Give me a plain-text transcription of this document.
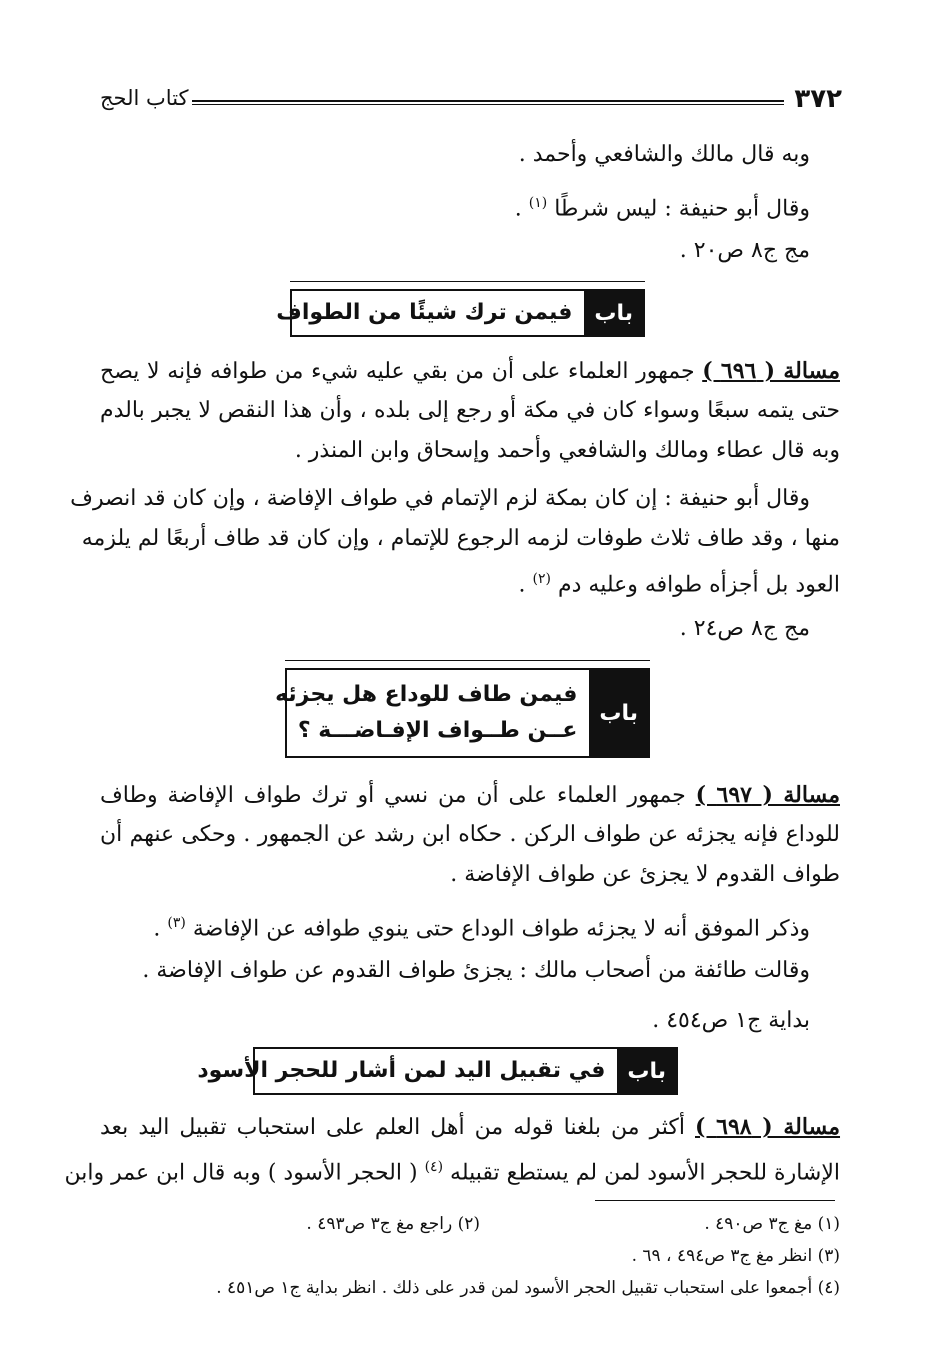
٣٧٢
كتاب الحج
وبه قال مالك والشافعي وأحمد .
وقال أبو حنيفة : ليس شرطًا $^{(١)}$ .
مج ج٨ ص٢٠ .
باب
فيمن ترك شيئًا من الطواف
مسالة ( ٦٩٦ ) جمهور العلماء على أن من بقي عليه شيء من طوافه فإنه لا يصح
حتى يتمه سبعًا وسواء كان في مكة أو رجع إلى بلده ، وأن هذا النقص لا يجبر بالدم
وبه قال عطاء ومالك والشافعي وأحمد وإسحاق وابن المنذر .
وقال أبو حنيفة : إن كان بمكة لزم الإتمام في طواف الإفاضة ، وإن كان قد انصرف
منها ، وقد طاف ثلاث طوفات لزمه الرجوع للإتمام ، وإن كان قد طاف أربعًا لم يلزمه
العود بل أجزأه طوافه وعليه دم $^{(٢)}$ .
مج ج٨ ص٢٤ .
باب
فيمن طاف للوداع هل يجزئه
عــن طــواف الإفـاضـــة ؟
مسالة ( ٦٩٧ ) جمهور العلماء على أن من نسي أو ترك طواف الإفاضة وطاف
للوداع فإنه يجزئه عن طواف الركن . حكاه ابن رشد عن الجمهور . وحكى عنهم أن
طواف القدوم لا يجزئ عن طواف الإفاضة .
وذكر الموفق أنه لا يجزئه طواف الوداع حتى ينوي طوافه عن الإفاضة $^{(٣)}$ .
وقالت طائفة من أصحاب مالك : يجزئ طواف القدوم عن طواف الإفاضة .
بداية ج١ ص٤٥٤ .
باب
في تقبيل اليد لمن أشار للحجر الأسود
مسالة ( ٦٩٨ ) أكثر من بلغنا قوله من أهل العلم على استحباب تقبيل اليد بعد
الإشارة للحجر الأسود لمن لم يستطع تقبيله $^{(٤)}$ ( الحجر الأسود ) وبه قال ابن عمر وابن
(١) مغ ج٣ ص٤٩٠ .
(٢) راجع مغ ج٣ ص٤٩٣ .
(٣) انظر مغ ج٣ ص٤٩٤ ، ٦٩ .
(٤) أجمعوا على استحباب تقبيل الحجر الأسود لمن قدر على ذلك . انظر بداية ج١ ص٤٥١ .
